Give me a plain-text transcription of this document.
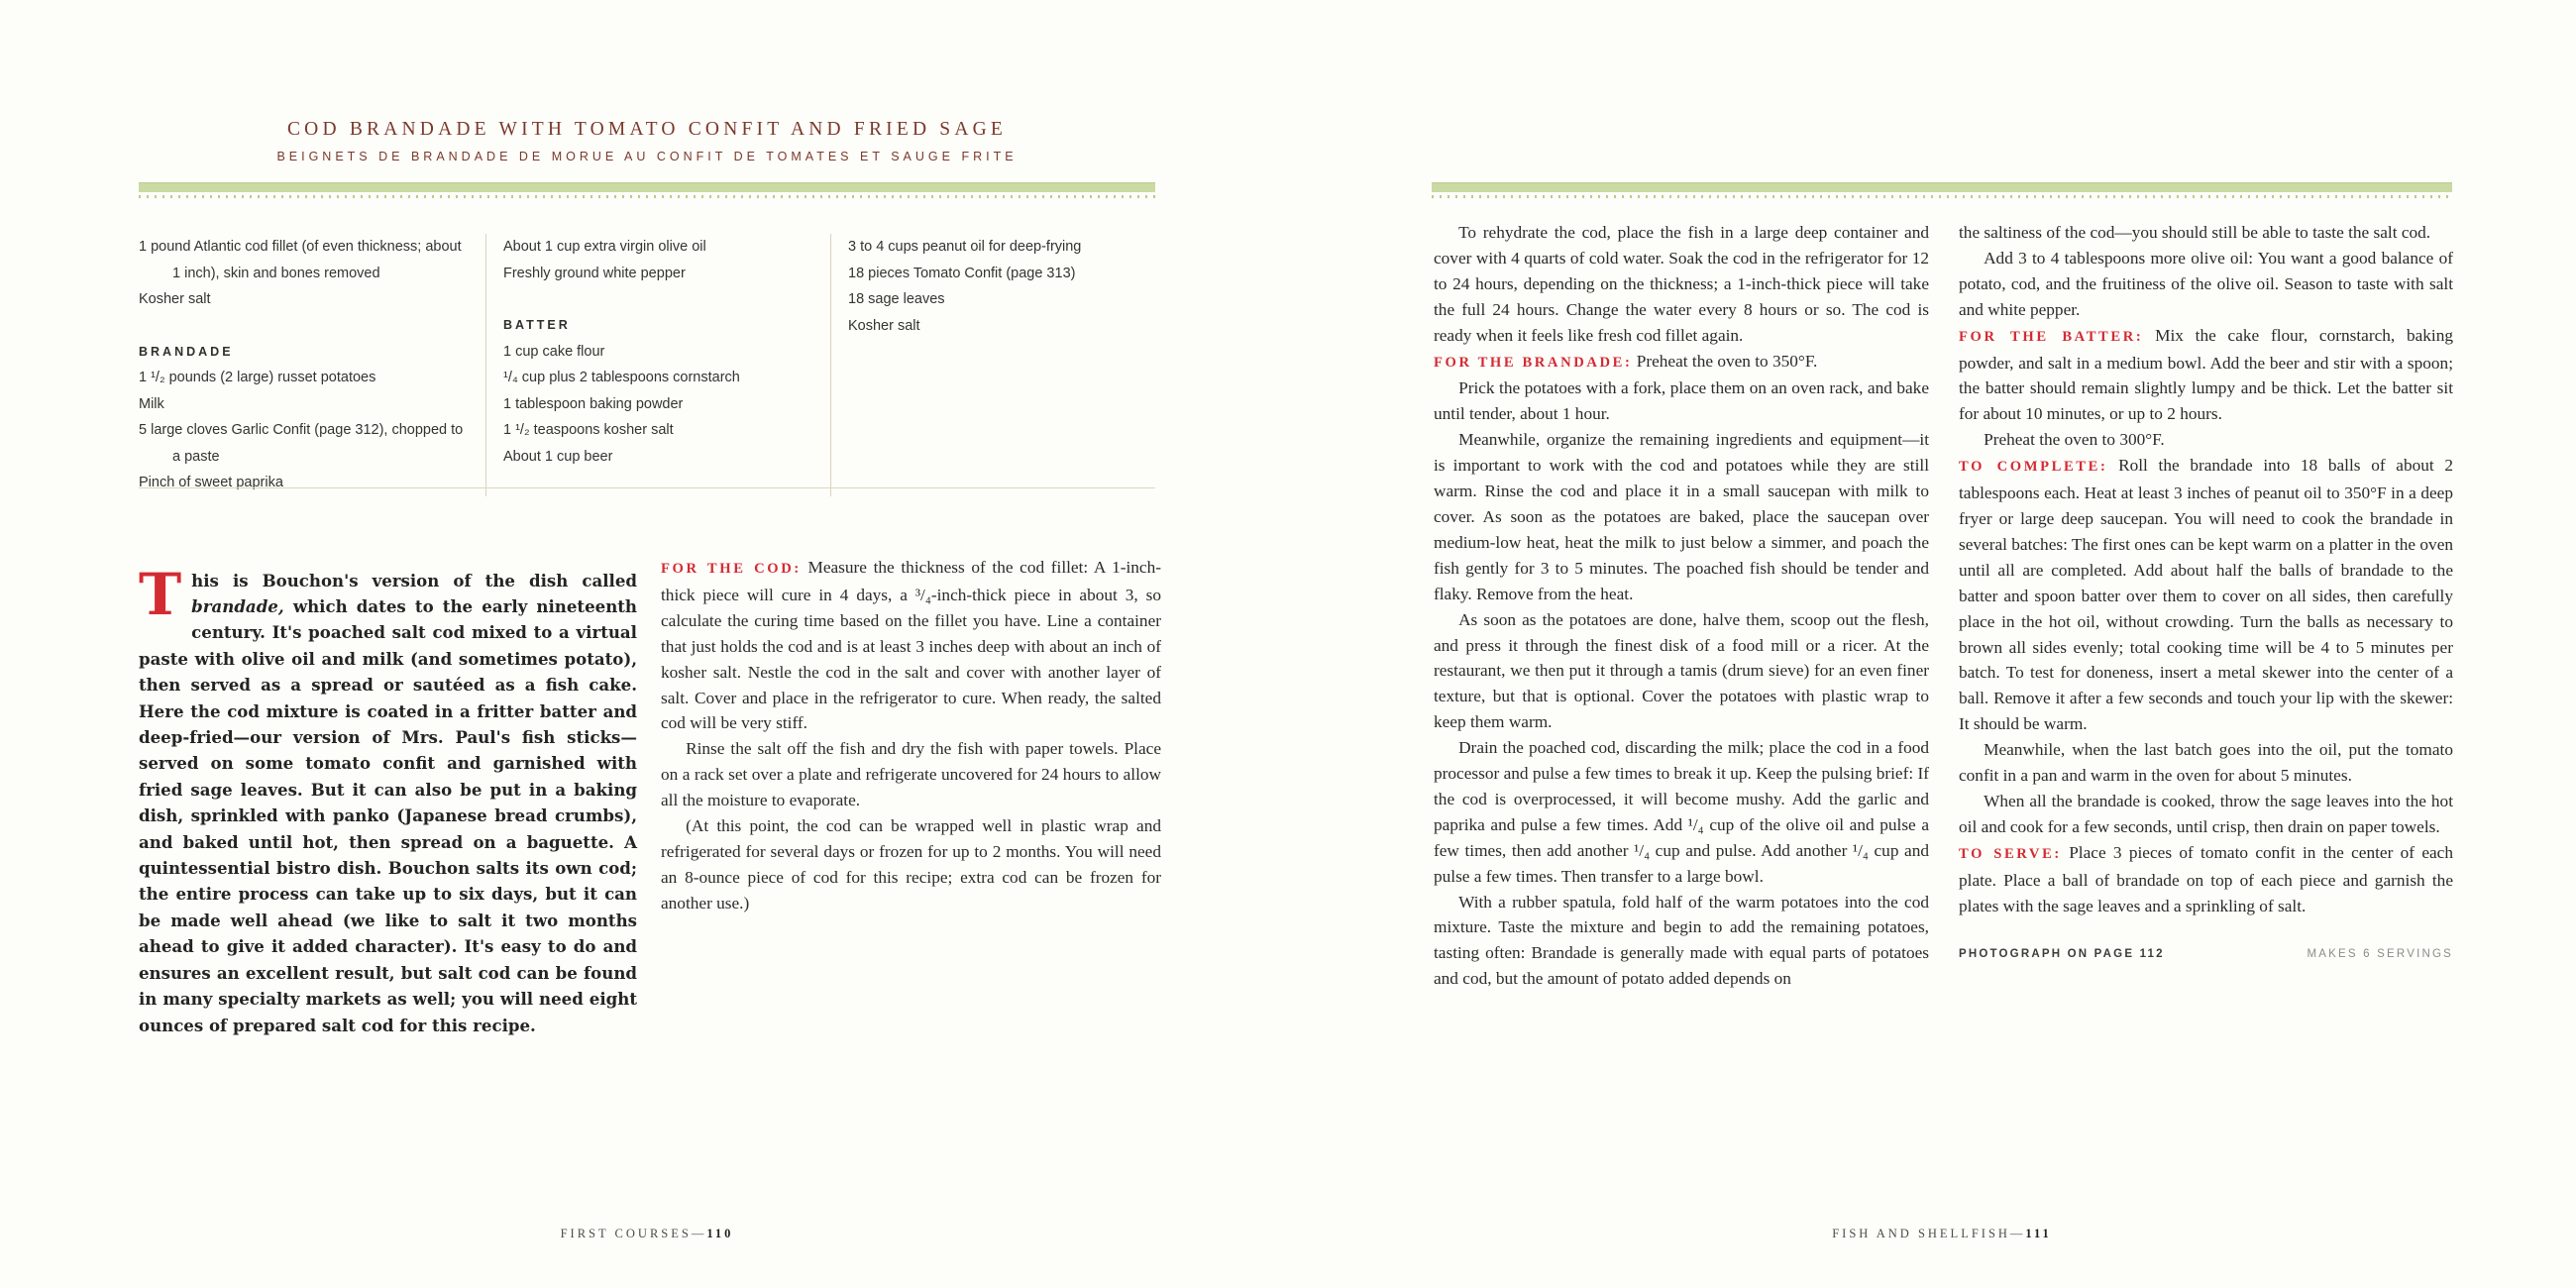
COD BRANDADE WITH TOMATO CONFIT AND FRIED SAGE
BEIGNETS DE BRANDADE DE MORUE AU CONFIT DE TOMATES ET SAUGE FRITE
1 pound Atlantic cod fillet (of even thickness; about 1 inch), skin and bones removed
Kosher salt
BRANDADE
1 ¹/₂ pounds (2 large) russet potatoes
Milk
5 large cloves Garlic Confit (page 312), chopped to a paste
Pinch of sweet paprika
About 1 cup extra virgin olive oil
Freshly ground white pepper
BATTER
1 cup cake flour
¹/₄ cup plus 2 tablespoons cornstarch
1 tablespoon baking powder
1 ¹/₂ teaspoons kosher salt
About 1 cup beer
3 to 4 cups peanut oil for deep-frying
18 pieces Tomato Confit (page 313)
18 sage leaves
Kosher salt

This is Bouchon's version of the dish called brandade, which dates to the early nineteenth century. It's poached salt cod mixed to a virtual paste with olive oil and milk (and sometimes potato), then served as a spread or sautéed as a fish cake. Here the cod mixture is coated in a fritter batter and deep-fried—our version of Mrs. Paul's fish sticks—served on some tomato confit and garnished with fried sage leaves. But it can also be put in a baking dish, sprinkled with panko (Japanese bread crumbs), and baked until hot, then spread on a baguette. A quintessential bistro dish. Bouchon salts its own cod; the entire process can take up to six days, but it can be made well ahead (we like to salt it two months ahead to give it added character). It's easy to do and ensures an excellent result, but salt cod can be found in many specialty markets as well; you will need eight ounces of prepared salt cod for this recipe.

FOR THE COD: Measure the thickness of the cod fillet: A 1-inch-thick piece will cure in 4 days, a ³/₄-inch-thick piece in about 3, so calculate the curing time based on the fillet you have. Line a container that just holds the cod and is at least 3 inches deep with about an inch of kosher salt. Nestle the cod in the salt and cover with another layer of salt. Cover and place in the refrigerator to cure. When ready, the salted cod will be very stiff.

Rinse the salt off the fish and dry the fish with paper towels. Place on a rack set over a plate and refrigerate uncovered for 24 hours to allow all the moisture to evaporate.

(At this point, the cod can be wrapped well in plastic wrap and refrigerated for several days or frozen for up to 2 months. You will need an 8-ounce piece of cod for this recipe; extra cod can be frozen for another use.)

FIRST COURSES—110

To rehydrate the cod, place the fish in a large deep container and cover with 4 quarts of cold water. Soak the cod in the refrigerator for 12 to 24 hours, depending on the thickness; a 1-inch-thick piece will take the full 24 hours. Change the water every 8 hours or so. The cod is ready when it feels like fresh cod fillet again.

FOR THE BRANDADE: Preheat the oven to 350°F.

Prick the potatoes with a fork, place them on an oven rack, and bake until tender, about 1 hour.

Meanwhile, organize the remaining ingredients and equipment—it is important to work with the cod and potatoes while they are still warm. Rinse the cod and place it in a small saucepan with milk to cover. As soon as the potatoes are baked, place the saucepan over medium-low heat, heat the milk to just below a simmer, and poach the fish gently for 3 to 5 minutes. The poached fish should be tender and flaky. Remove from the heat.

As soon as the potatoes are done, halve them, scoop out the flesh, and press it through the finest disk of a food mill or a ricer. At the restaurant, we then put it through a tamis (drum sieve) for an even finer texture, but that is optional. Cover the potatoes with plastic wrap to keep them warm.

Drain the poached cod, discarding the milk; place the cod in a food processor and pulse a few times to break it up. Keep the pulsing brief: If the cod is overprocessed, it will become mushy. Add the garlic and paprika and pulse a few times. Add ¹/₄ cup of the olive oil and pulse a few times, then add another ¹/₄ cup and pulse. Add another ¹/₄ cup and pulse a few times. Then transfer to a large bowl.

With a rubber spatula, fold half of the warm potatoes into the cod mixture. Taste the mixture and begin to add the remaining potatoes, tasting often: Brandade is generally made with equal parts of potatoes and cod, but the amount of potato added depends on

the saltiness of the cod—you should still be able to taste the salt cod.

Add 3 to 4 tablespoons more olive oil: You want a good balance of potato, cod, and the fruitiness of the olive oil. Season to taste with salt and white pepper.

FOR THE BATTER: Mix the cake flour, cornstarch, baking powder, and salt in a medium bowl. Add the beer and stir with a spoon; the batter should remain slightly lumpy and be thick. Let the batter sit for about 10 minutes, or up to 2 hours.

Preheat the oven to 300°F.

TO COMPLETE: Roll the brandade into 18 balls of about 2 tablespoons each. Heat at least 3 inches of peanut oil to 350°F in a deep fryer or large deep saucepan. You will need to cook the brandade in several batches: The first ones can be kept warm on a platter in the oven until all are completed. Add about half the balls of brandade to the batter and spoon batter over them to cover on all sides, then carefully place in the hot oil, without crowding. Turn the balls as necessary to brown all sides evenly; total cooking time will be 4 to 5 minutes per batch. To test for doneness, insert a metal skewer into the center of a ball. Remove it after a few seconds and touch your lip with the skewer: It should be warm.

Meanwhile, when the last batch goes into the oil, put the tomato confit in a pan and warm in the oven for about 5 minutes.

When all the brandade is cooked, throw the sage leaves into the hot oil and cook for a few seconds, until crisp, then drain on paper towels.

TO SERVE: Place 3 pieces of tomato confit in the center of each plate. Place a ball of brandade on top of each piece and garnish the plates with the sage leaves and a sprinkling of salt.

PHOTOGRAPH ON PAGE 112	MAKES 6 SERVINGS
FISH AND SHELLFISH—111
